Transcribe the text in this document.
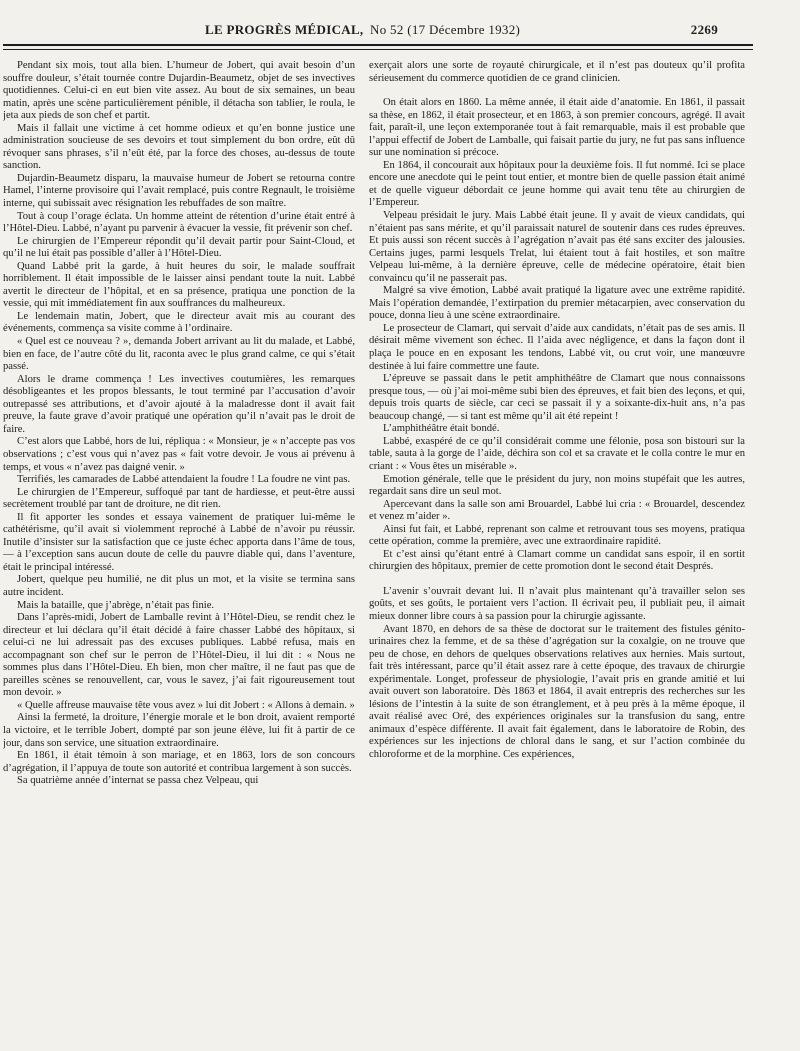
LE PROGRÈS MÉDICAL, No 52 (17 Décembre 1932)	2269

Pendant six mois, tout alla bien. L’humeur de Jobert, qui avait besoin d’un souffre douleur, s’était tournée contre Dujardin-Beaumetz, objet de ses invectives quotidiennes. Celui-ci en eut bien vite assez. Au bout de six semaines, un beau matin, après une scène particulièrement pénible, il détacha son tablier, le roula, le jeta aux pieds de son chef et partit.

Mais il fallait une victime à cet homme odieux et qu’en bonne justice une administration soucieuse de ses devoirs et tout simplement du bon ordre, eût dû révoquer sans phrases, s’il n’eût été, par la force des choses, au-dessus de toute sanction.

Dujardin-Beaumetz disparu, la mauvaise humeur de Jobert se retourna contre Hamel, l’interne provisoire qui l’avait remplacé, puis contre Regnault, le troisième interne, qui subissait avec résignation les rebuffades de son maître.

Tout à coup l’orage éclata. Un homme atteint de rétention d’urine était entré à l’Hôtel-Dieu. Labbé, n’ayant pu parvenir à évacuer la vessie, fit prévenir son chef.

Le chirurgien de l’Empereur répondit qu’il devait partir pour Saint-Cloud, et qu’il ne lui était pas possible d’aller à l’Hôtel-Dieu.

Quand Labbé prit la garde, à huit heures du soir, le malade souffrait horriblement. Il était impossible de le laisser ainsi pendant toute la nuit. Labbé avertit le directeur de l’hôpital, et en sa présence, pratiqua une ponction de la vessie, qui mit immédiatement fin aux souffrances du malheureux.

Le lendemain matin, Jobert, que le directeur avait mis au courant des événements, commença sa visite comme à l’ordinaire.

« Quel est ce nouveau ? », demanda Jobert arrivant au lit du malade, et Labbé, bien en face, de l’autre côté du lit, raconta avec le plus grand calme, ce qui s’était passé.

Alors le drame commença ! Les invectives coutumières, les remarques désobligeantes et les propos blessants, le tout terminé par l’accusation d’avoir outrepassé ses attributions, et d’avoir ajouté à la maladresse dont il avait fait preuve, la faute grave d’avoir pratiqué une opération qu’il n’avait pas le droit de faire.

C’est alors que Labbé, hors de lui, répliqua : « Monsieur, je « n’accepte pas vos observations ; c’est vous qui n’avez pas « fait votre devoir. Je vous ai prévenu à temps, et vous « n’avez pas daigné venir. »

Terrifiés, les camarades de Labbé attendaient la foudre ! La foudre ne vint pas.

Le chirurgien de l’Empereur, suffoqué par tant de hardiesse, et peut-être aussi secrètement troublé par tant de droiture, ne dit rien.

Il fit apporter les sondes et essaya vainement de pratiquer lui-même le cathétérisme, qu’il avait si violemment reproché à Labbé de n’avoir pu réussir. Inutile d’insister sur la satisfaction que ce juste échec apporta dans l’âme de tous, — à l’exception sans aucun doute de celle du pauvre diable qui, dans l’aventure, était le principal intéressé.

Jobert, quelque peu humilié, ne dit plus un mot, et la visite se termina sans autre incident.

Mais la bataille, que j’abrège, n’était pas finie.

Dans l’après-midi, Jobert de Lamballe revint à l’Hôtel-Dieu, se rendit chez le directeur et lui déclara qu’il était décidé à faire chasser Labbé des hôpitaux, si celui-ci ne lui adressait pas des excuses publiques. Labbé refusa, mais en accompagnant son chef sur le perron de l’Hôtel-Dieu, il lui dit : « Nous ne sommes plus dans l’Hôtel-Dieu. Eh bien, mon cher maître, il ne faut pas que de pareilles scènes se renouvellent, car, vous le savez, j’ai fait rigoureusement tout mon devoir. »

« Quelle affreuse mauvaise tête vous avez » lui dit Jobert : « Allons à demain. »

Ainsi la fermeté, la droiture, l’énergie morale et le bon droit, avaient remporté la victoire, et le terrible Jobert, dompté par son jeune élève, lui fit à partir de ce jour, dans son service, une situation extraordinaire.

En 1861, il était témoin à son mariage, et en 1863, lors de son concours d’agrégation, il l’appuya de toute son autorité et contribua largement à son succès.

Sa quatrième année d’internat se passa chez Velpeau, qui

exerçait alors une sorte de royauté chirurgicale, et il n’est pas douteux qu’il profita sérieusement du commerce quotidien de ce grand clinicien.

On était alors en 1860. La même année, il était aide d’anatomie. En 1861, il passait sa thèse, en 1862, il était prosecteur, et en 1863, à son premier concours, agrégé. Il avait fait, paraît-il, une leçon extemporanée tout à fait remarquable, mais il est probable que l’appui effectif de Jobert de Lamballe, qui faisait partie du jury, ne fut pas sans influence sur une nomination si précoce.

En 1864, il concourait aux hôpitaux pour la deuxième fois. Il fut nommé. Ici se place encore une anecdote qui le peint tout entier, et montre bien de quelle passion était animé et de quelle vigueur débordait ce jeune homme qui avait tenu tête au chirurgien de l’Empereur.

Velpeau présidait le jury. Mais Labbé était jeune. Il y avait de vieux candidats, qui n’étaient pas sans mérite, et qu’il paraissait naturel de soutenir dans ces rudes épreuves. Et puis aussi son récent succès à l’agrégation n’avait pas été sans exciter des jalousies. Certains juges, parmi lesquels Trelat, lui étaient tout à fait hostiles, et son maître Velpeau lui-même, à la dernière épreuve, celle de médecine opératoire, était bien convaincu qu’il ne passerait pas.

Malgré sa vive émotion, Labbé avait pratiqué la ligature avec une extrême rapidité. Mais l’opération demandée, l’extirpation du premier métacarpien, avec conservation du pouce, donna lieu à une scène extraordinaire.

Le prosecteur de Clamart, qui servait d’aide aux candidats, n’était pas de ses amis. Il désirait même vivement son échec. Il l’aida avec négligence, et dans la façon dont il plaça le pouce en en exposant les tendons, Labbé vit, ou crut voir, une manœuvre destinée à lui faire commettre une faute.

L’épreuve se passait dans le petit amphithéâtre de Clamart que nous connaissons presque tous, — où j’ai moi-même subi bien des épreuves, et fait bien des leçons, et qui, depuis trois quarts de siècle, car ceci se passait il y a soixante-dix-huit ans, n’a pas beaucoup changé, — si tant est même qu’il ait été repeint !

L’amphithéâtre était bondé.

Labbé, exaspéré de ce qu’il considérait comme une félonie, posa son bistouri sur la table, sauta à la gorge de l’aide, déchira son col et sa cravate et le colla contre le mur en criant : « Vous êtes un misérable ».

Emotion générale, telle que le président du jury, non moins stupéfait que les autres, regardait sans dire un seul mot.

Apercevant dans la salle son ami Brouardel, Labbé lui cria : « Brouardel, descendez et venez m’aider ».

Ainsi fut fait, et Labbé, reprenant son calme et retrouvant tous ses moyens, pratiqua cette opération, comme la première, avec une extraordinaire rapidité.

Et c’est ainsi qu’étant entré à Clamart comme un candidat sans espoir, il en sortit chirurgien des hôpitaux, premier de cette promotion dont le second était Després.

L’avenir s’ouvrait devant lui. Il n’avait plus maintenant qu’à travailler selon ses goûts, et ses goûts, le portaient vers l’action. Il écrivait peu, il publiait peu, il aimait mieux donner libre cours à sa passion pour la chirurgie agissante.

Avant 1870, en dehors de sa thèse de doctorat sur le traitement des fistules génito-urinaires chez la femme, et de sa thèse d’agrégation sur la coxalgie, on ne trouve que peu de chose, en dehors de quelques observations relatives aux hernies. Mais surtout, fait très intéressant, parce qu’il était assez rare à cette époque, des travaux de chirurgie expérimentale. Longet, professeur de physiologie, l’avait pris en grande amitié et lui avait ouvert son laboratoire. Dès 1863 et 1864, il avait entrepris des recherches sur les lésions de l’intestin à la suite de son étranglement, et à peu près à la même époque, il avait réalisé avec Oré, des expériences originales sur la transfusion du sang, entre animaux d’espèce différente. Il avait fait également, dans le laboratoire de Robin, des expériences sur les injections de chloral dans le sang, et sur l’action combinée du chloroforme et de la morphine. Ces expériences,
